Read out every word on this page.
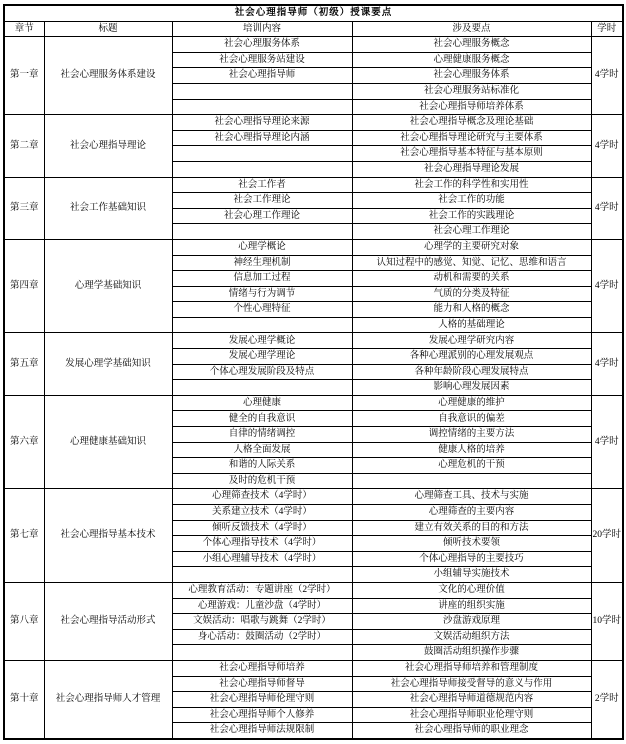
社会心理指导师（初级）授课要点				
章节	标题	培训内容	涉及要点	学时
第一章	社会心理服务体系建设	社会心理服务体系	社会心理服务概念	4学时
		社会心理服务站建设	心理健康服务概念	
		社会心理指导师	社会心理服务体系	
			社会心理服务站标准化	
			社会心理指导师培养体系	
第二章	社会心理指导理论	社会心理指导理论来源	社会心理指导概念及理论基础	4学时
		社会心理指导理论内涵	社会心理指导理论研究与主要体系	
			社会心理指导基本特征与基本原则	
			社会心理指导理论发展	
第三章	社会工作基础知识	社会工作者	社会工作的科学性和实用性	4学时
		社会工作理论	社会工作的功能	
		社会心理工作理论	社会工作的实践理论	
			社会心理工作理论	
第四章	心理学基础知识	心理学概论	心理学的主要研究对象	4学时
		神经生理机制	认知过程中的感觉、知觉、记忆、思维和语言	
		信息加工过程	动机和需要的关系	
		情绪与行为调节	气质的分类及特征	
		个性心理特征	能力和人格的概念	
			人格的基础理论	
第五章	发展心理学基础知识	发展心理学概论	发展心理学研究内容	4学时
		发展心理学理论	各种心理派别的心理发展观点	
		个体心理发展阶段及特点	各种年龄阶段心理发展特点	
			影响心理发展因素	
第六章	心理健康基础知识	心理健康	心理健康的维护	4学时
		健全的自我意识	自我意识的偏差	
		自律的情绪调控	调控情绪的主要方法	
		人格全面发展	健康人格的培养	
		和谐的人际关系	心理危机的干预	
		及时的危机干预		
第七章	社会心理指导基本技术	心理筛查技术（4学时）	心理筛查工具、技术与实施	20学时
		关系建立技术（4学时）	心理筛查的主要内容	
		倾听反馈技术（4学时）	建立有效关系的目的和方法	
		个体心理指导技术（4学时）	倾听技术要领	
		小组心理辅导技术（4学时）	个体心理指导的主要技巧	
			小组辅导实施技术	
第八章	社会心理指导活动形式	心理教育活动：专题讲座（2学时）	文化的心理价值	10学时
		心理游戏：儿童沙盘（4学时）	讲座的组织实施	
		文娱活动：唱歌与跳舞（2学时）	沙盘游戏原理	
		身心活动：鼓圈活动（2学时）	文娱活动组织方法	
			鼓圈活动组织操作步骤	
第十章	社会心理指导师人才管理	社会心理指导师培养	社会心理指导师培养和管理制度	2学时
		社会心理指导师督导	社会心理指导师接受督导的意义与作用	
		社会心理指导师伦理守则	社会心理指导师道德规范内容	
		社会心理指导师个人修养	社会心理指导师职业伦理守则	
		社会心理指导师法规限制	社会心理指导师的职业理念	
